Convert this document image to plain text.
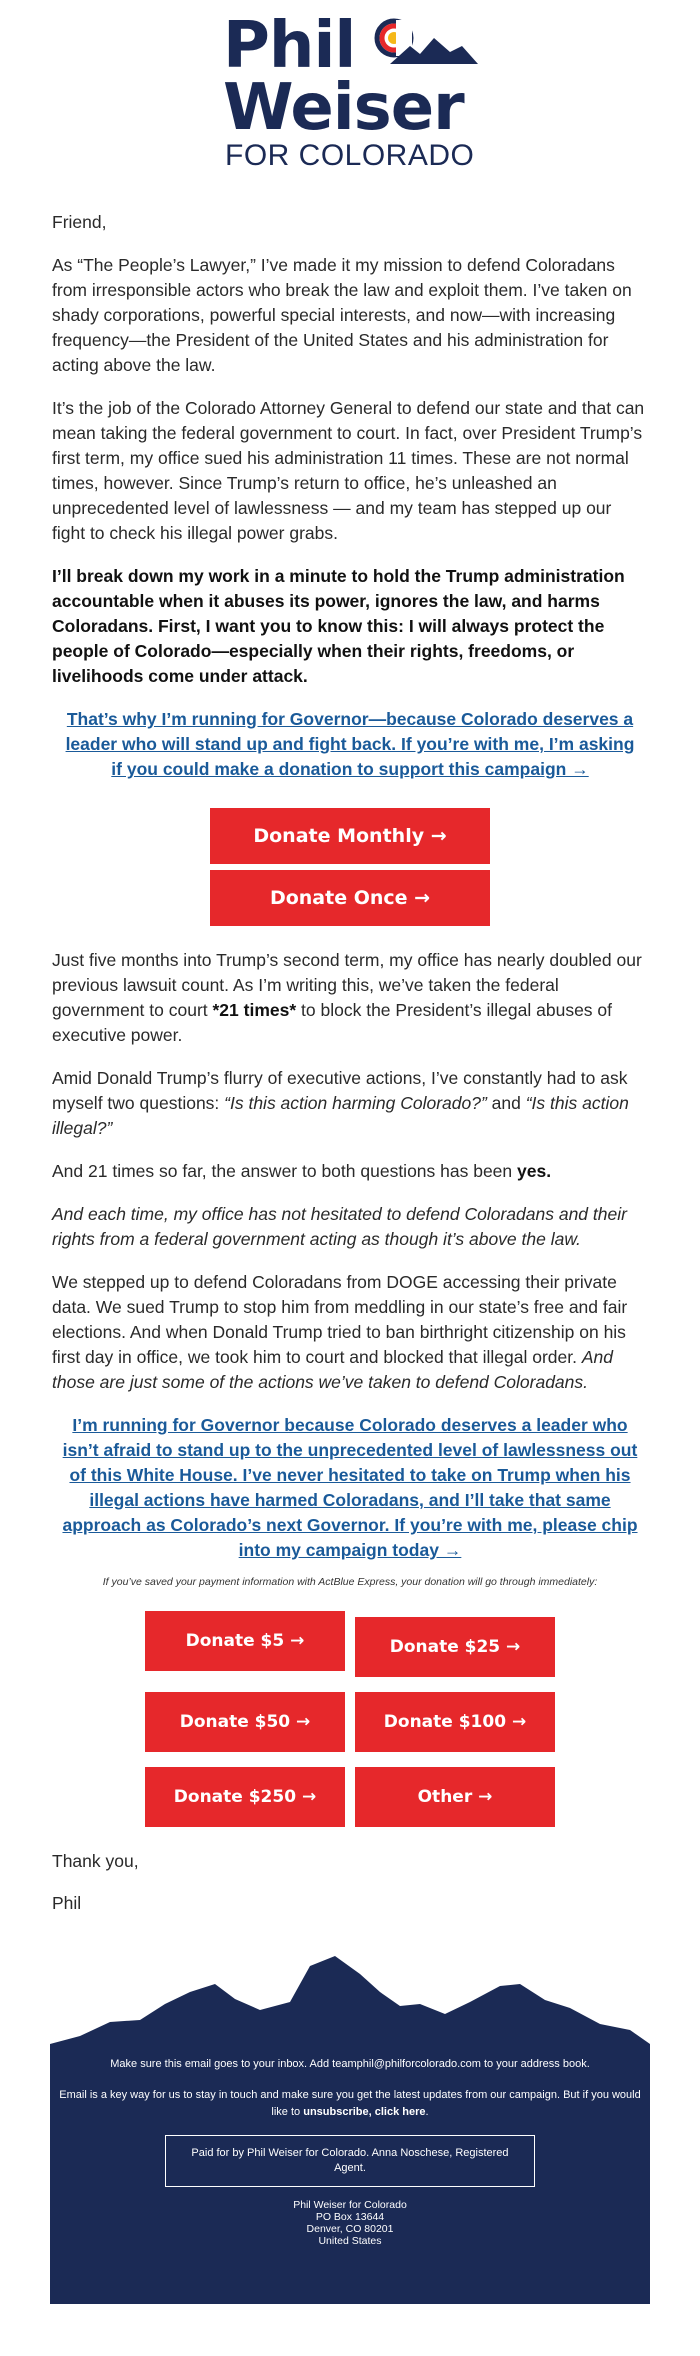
Phil
Weiser
FOR COLORADO

Friend,

As “The People’s Lawyer,” I’ve made it my mission to defend Coloradans from irresponsible actors who break the law and exploit them. I’ve taken on shady corporations, powerful special interests, and now—with increasing frequency—the President of the United States and his administration for acting above the law.

It’s the job of the Colorado Attorney General to defend our state and that can mean taking the federal government to court. In fact, over President Trump’s first term, my office sued his administration 11 times. These are not normal times, however. Since Trump’s return to office, he’s unleashed an unprecedented level of lawlessness — and my team has stepped up our fight to check his illegal power grabs.

I’ll break down my work in a minute to hold the Trump administration accountable when it abuses its power, ignores the law, and harms Coloradans. First, I want you to know this: I will always protect the people of Colorado—especially when their rights, freedoms, or livelihoods come under attack.

That’s why I’m running for Governor—because Colorado deserves a leader who will stand up and fight back. If you’re with me, I’m asking if you could make a donation to support this campaign →
Donate Monthly →
Donate Once →

Just five months into Trump’s second term, my office has nearly doubled our previous lawsuit count. As I’m writing this, we’ve taken the federal government to court *21 times* to block the President’s illegal abuses of executive power.

Amid Donald Trump’s flurry of executive actions, I’ve constantly had to ask myself two questions: “Is this action harming Colorado?” and “Is this action illegal?”

And 21 times so far, the answer to both questions has been yes.

And each time, my office has not hesitated to defend Coloradans and their rights from a federal government acting as though it’s above the law.

We stepped up to defend Coloradans from DOGE accessing their private data. We sued Trump to stop him from meddling in our state’s free and fair elections. And when Donald Trump tried to ban birthright citizenship on his first day in office, we took him to court and blocked that illegal order. And those are just some of the actions we’ve taken to defend Coloradans.

I’m running for Governor because Colorado deserves a leader who isn’t afraid to stand up to the unprecedented level of lawlessness out of this White House. I’ve never hesitated to take on Trump when his illegal actions have harmed Coloradans, and I’ll take that same approach as Colorado’s next Governor. If you’re with me, please chip into my campaign today →

If you’ve saved your payment information with ActBlue Express, your donation will go through immediately:

Donate $5 →	Donate $25 →
Donate $50 →	Donate $100 →
Donate $250 →	Other →

Thank you,

Phil

Make sure this email goes to your inbox. Add teamphil@philforcolorado.com to your address book.

Email is a key way for us to stay in touch and make sure you get the latest updates from our campaign. But if you would like to unsubscribe, click here.

Paid for by Phil Weiser for Colorado. Anna Noschese, Registered Agent.

Phil Weiser for Colorado

PO Box 13644

Denver, CO 80201

United States
